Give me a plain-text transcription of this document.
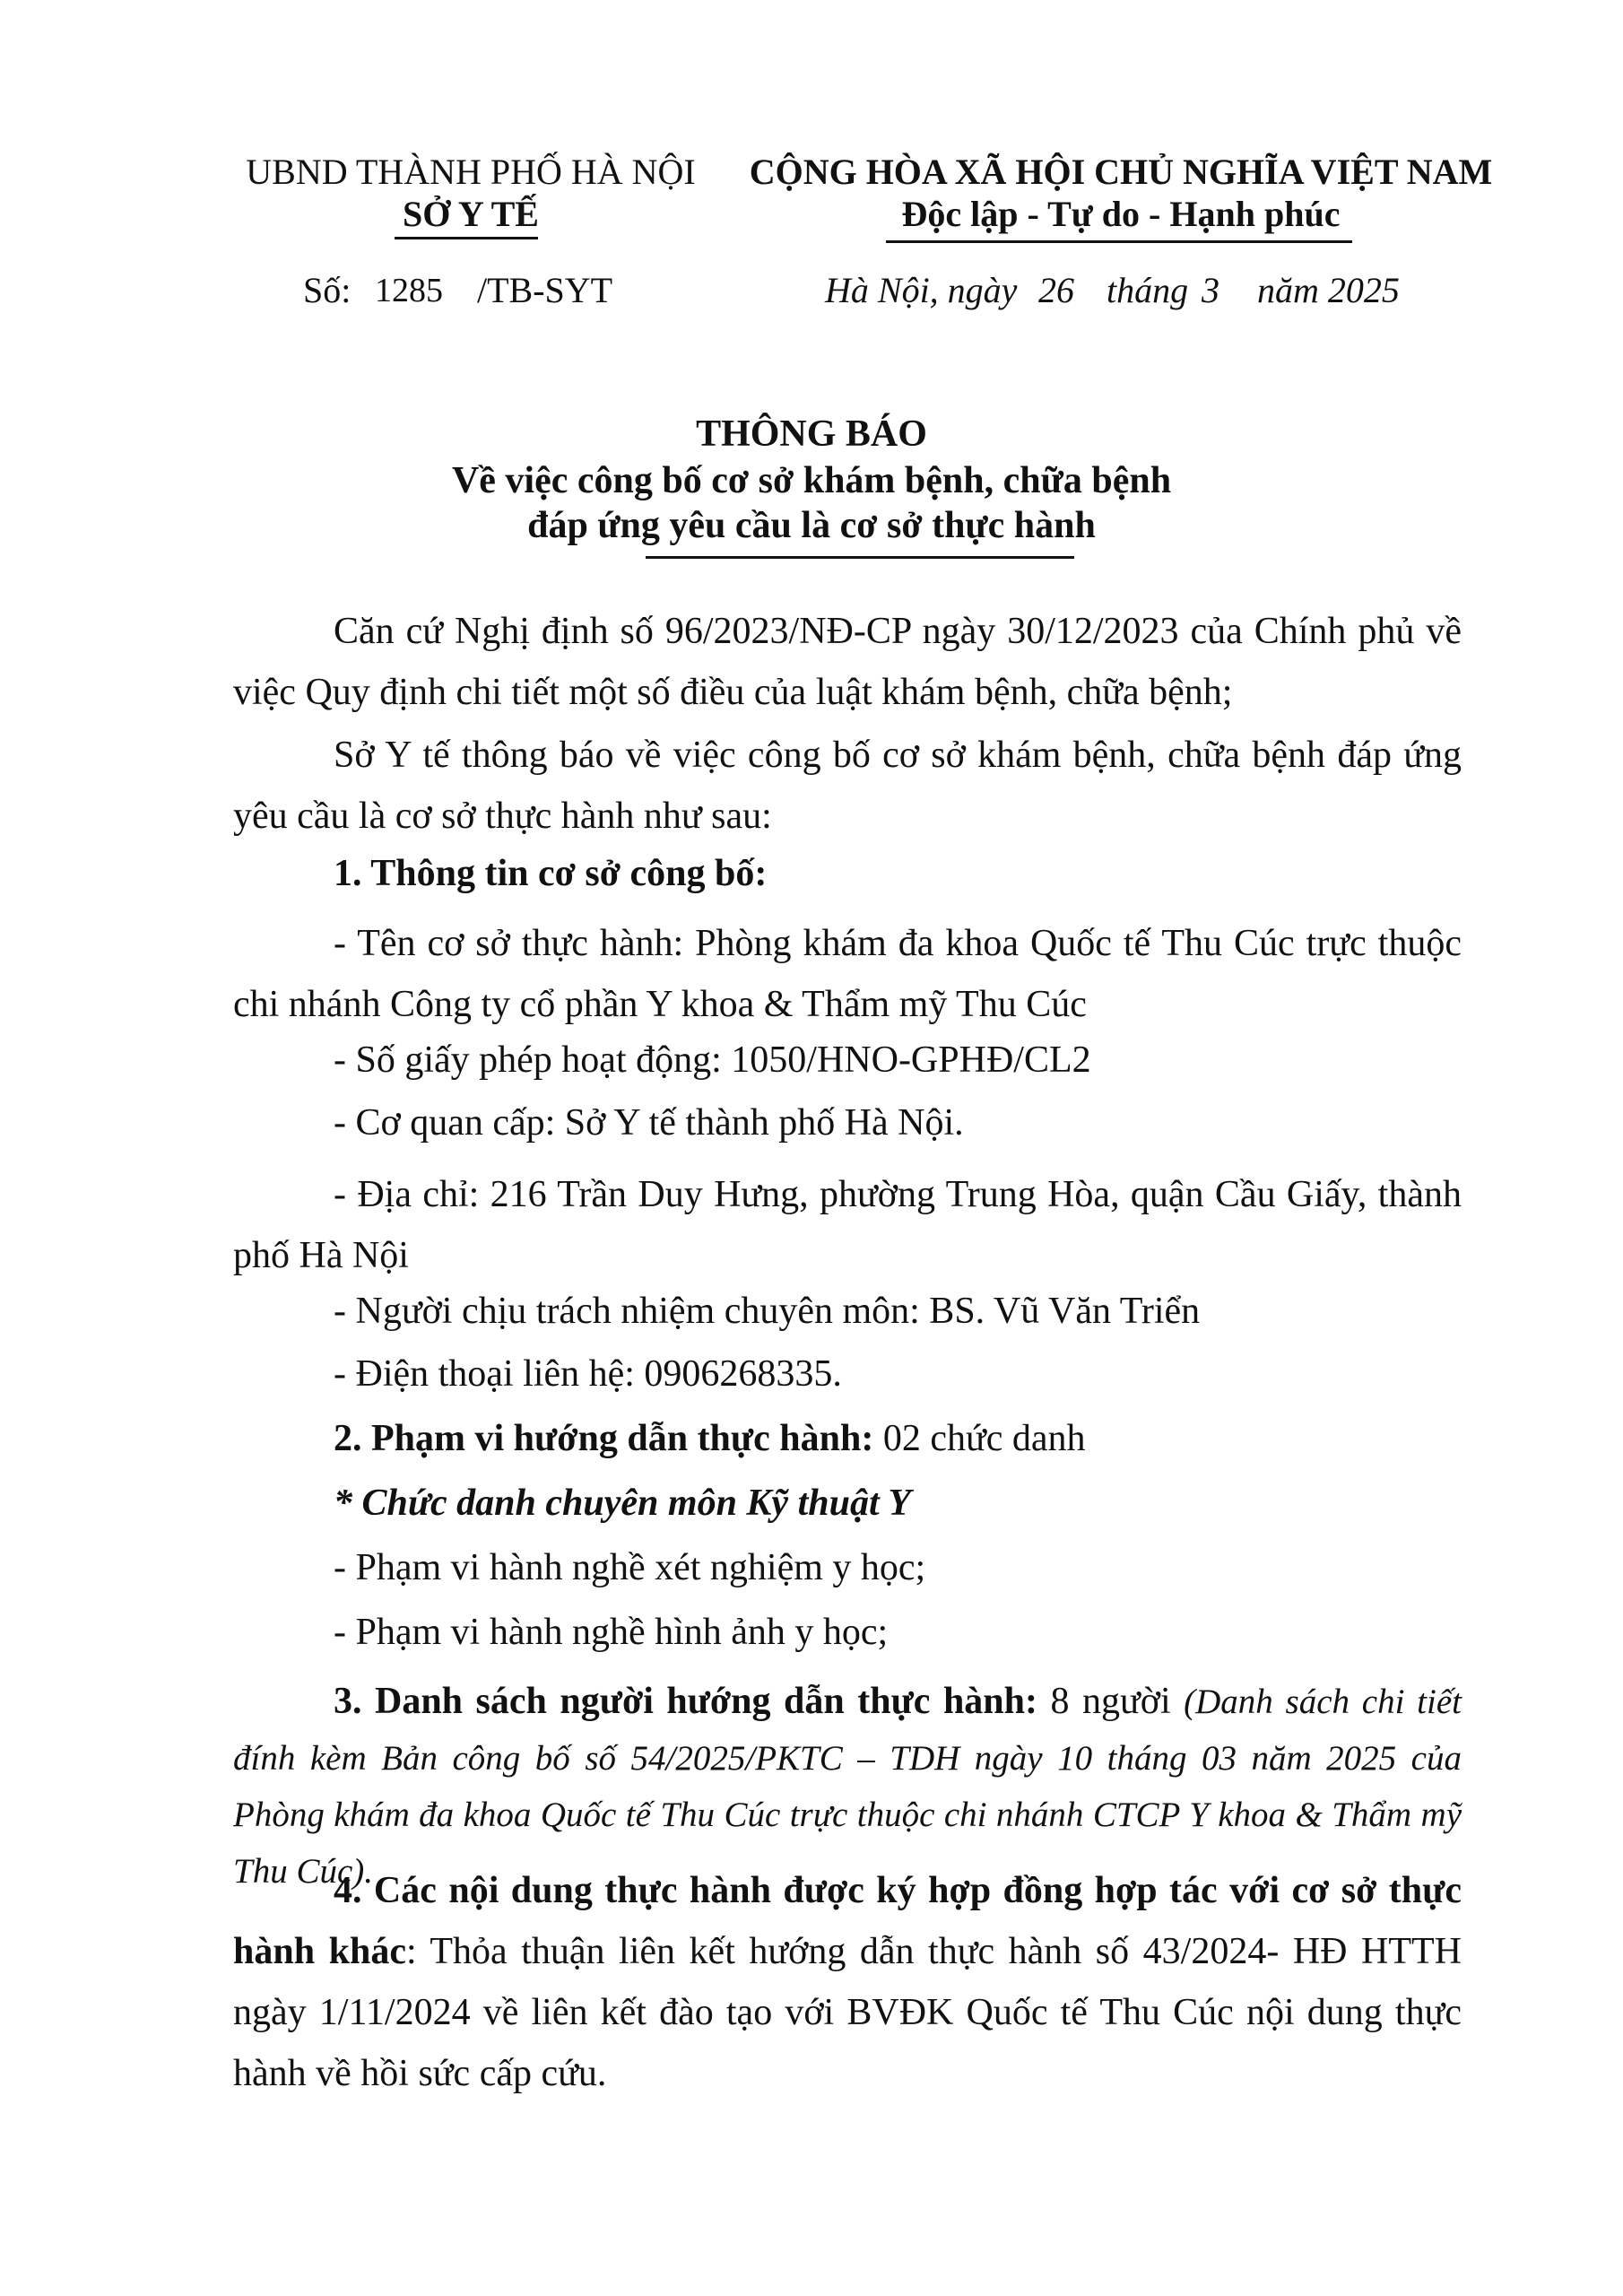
UBND THÀNH PHỐ HÀ NỘI
SỞ Y TẾ
CỘNG HÒA XÃ HỘI CHỦ NGHĨA VIỆT NAM
Độc lập - Tự do - Hạnh phúc
Số: 1285 /TB-SYT	Hà Nội, ngày 26 tháng 3 năm 2025
THÔNG BÁO
Về việc công bố cơ sở khám bệnh, chữa bệnh
đáp ứng yêu cầu là cơ sở thực hành
Căn cứ Nghị định số 96/2023/NĐ-CP ngày 30/12/2023 của Chính phủ về việc Quy định chi tiết một số điều của luật khám bệnh, chữa bệnh;
Sở Y tế thông báo về việc công bố cơ sở khám bệnh, chữa bệnh đáp ứng yêu cầu là cơ sở thực hành như sau:
1. Thông tin cơ sở công bố:
- Tên cơ sở thực hành: Phòng khám đa khoa Quốc tế Thu Cúc trực thuộc chi nhánh Công ty cổ phần Y khoa & Thẩm mỹ Thu Cúc
- Số giấy phép hoạt động: 1050/HNO-GPHĐ/CL2
- Cơ quan cấp: Sở Y tế thành phố Hà Nội.
- Địa chỉ: 216 Trần Duy Hưng, phường Trung Hòa, quận Cầu Giấy, thành phố Hà Nội
- Người chịu trách nhiệm chuyên môn: BS. Vũ Văn Triển
- Điện thoại liên hệ: 0906268335.
2. Phạm vi hướng dẫn thực hành: 02 chức danh
* Chức danh chuyên môn Kỹ thuật Y
- Phạm vi hành nghề xét nghiệm y học;
- Phạm vi hành nghề hình ảnh y học;
3. Danh sách người hướng dẫn thực hành: 8 người (Danh sách chi tiết đính kèm Bản công bố số 54/2025/PKTC – TDH ngày 10 tháng 03 năm 2025 của Phòng khám đa khoa Quốc tế Thu Cúc trực thuộc chi nhánh CTCP Y khoa & Thẩm mỹ Thu Cúc).
4. Các nội dung thực hành được ký hợp đồng hợp tác với cơ sở thực hành khác: Thỏa thuận liên kết hướng dẫn thực hành số 43/2024- HĐ HTTH ngày 1/11/2024 về liên kết đào tạo với BVĐK Quốc tế Thu Cúc nội dung thực hành về hồi sức cấp cứu.
